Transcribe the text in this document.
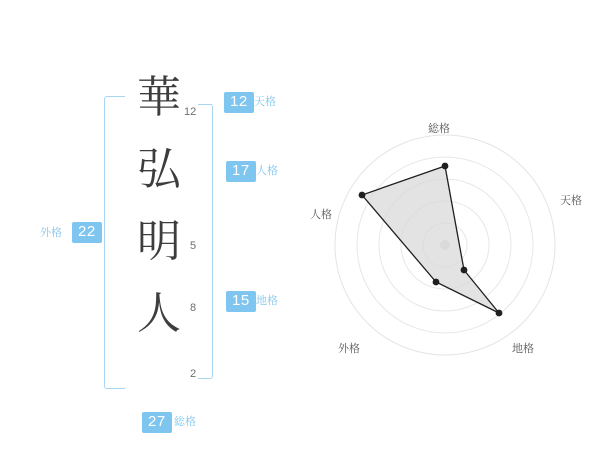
華
弘
明
人
12
5
8
2
12 天格
17 人格
15 地格
外格	22
27 総格
総格
天格
地格
外格
人格
